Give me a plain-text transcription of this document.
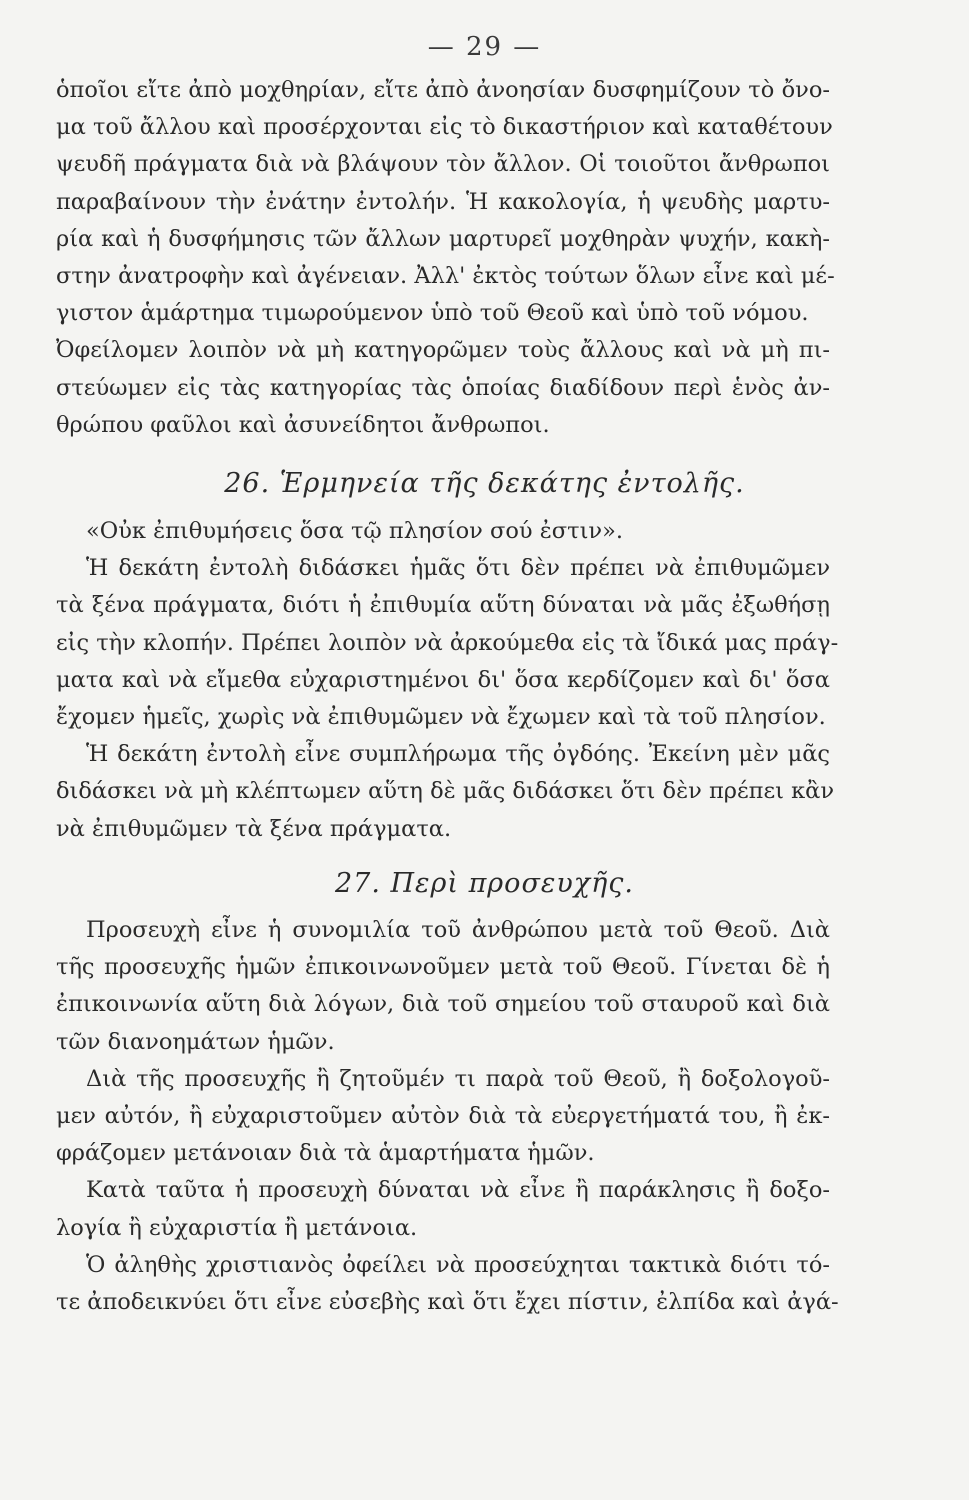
— 29 —
ὁποῖοι εἴτε ἀπὸ μοχθηρίαν, εἴτε ἀπὸ ἀνοησίαν δυσφημίζουν τὸ ὄνο-
μα τοῦ ἄλλου καὶ προσέρχονται εἰς τὸ δικαστήριον καὶ καταθέτουν
ψευδῆ πράγματα διὰ νὰ βλάψουν τὸν ἄλλον. Οἱ τοιοῦτοι ἄνθρωποι
παραβαίνουν τὴν ἐνάτην ἐντολήν. Ἡ κακολογία, ἡ ψευδὴς μαρτυ-
ρία καὶ ἡ δυσφήμησις τῶν ἄλλων μαρτυρεῖ μοχθηρὰν ψυχήν, κακὴ-
στην ἀνατροφὴν καὶ ἀγένειαν. Ἀλλ' ἐκτὸς τούτων ὅλων εἶνε καὶ μέ-
γιστον ἁμάρτημα τιμωρούμενον ὑπὸ τοῦ Θεοῦ καὶ ὑπὸ τοῦ νόμου.
Ὀφείλομεν λοιπὸν νὰ μὴ κατηγορῶμεν τοὺς ἄλλους καὶ νὰ μὴ πι-
στεύωμεν εἰς τὰς κατηγορίας τὰς ὁποίας διαδίδουν περὶ ἑνὸς ἀν-
θρώπου φαῦλοι καὶ ἀσυνείδητοι ἄνθρωποι.
26. Ἑρμηνεία τῆς δεκάτης ἐντολῆς.
«Οὐκ ἐπιθυμήσεις ὅσα τῷ πλησίον σού ἐστιν».
Ἡ δεκάτη ἐντολὴ διδάσκει ἡμᾶς ὅτι δὲν πρέπει νὰ ἐπιθυμῶμεν
τὰ ξένα πράγματα, διότι ἡ ἐπιθυμία αὕτη δύναται νὰ μᾶς ἐξωθήσῃ
εἰς τὴν κλοπήν. Πρέπει λοιπὸν νὰ ἀρκούμεθα εἰς τὰ ἴδικά μας πράγ-
ματα καὶ νὰ εἴμεθα εὐχαριστημένοι δι' ὅσα κερδίζομεν καὶ δι' ὅσα
ἔχομεν ἡμεῖς, χωρὶς νὰ ἐπιθυμῶμεν νὰ ἔχωμεν καὶ τὰ τοῦ πλησίον.
Ἡ δεκάτη ἐντολὴ εἶνε συμπλήρωμα τῆς ὀγδόης. Ἐκείνη μὲν μᾶς
διδάσκει νὰ μὴ κλέπτωμεν αὕτη δὲ μᾶς διδάσκει ὅτι δὲν πρέπει κἂν
νὰ ἐπιθυμῶμεν τὰ ξένα πράγματα.
27. Περὶ προσευχῆς.
Προσευχὴ εἶνε ἡ συνομιλία τοῦ ἀνθρώπου μετὰ τοῦ Θεοῦ. Διὰ
τῆς προσευχῆς ἡμῶν ἐπικοινωνοῦμεν μετὰ τοῦ Θεοῦ. Γίνεται δὲ ἡ
ἐπικοινωνία αὕτη διὰ λόγων, διὰ τοῦ σημείου τοῦ σταυροῦ καὶ διὰ
τῶν διανοημάτων ἡμῶν.
Διὰ τῆς προσευχῆς ἢ ζητοῦμέν τι παρὰ τοῦ Θεοῦ, ἢ δοξολογοῦ-
μεν αὐτόν, ἢ εὐχαριστοῦμεν αὐτὸν διὰ τὰ εὐεργετήματά του, ἢ ἐκ-
φράζομεν μετάνοιαν διὰ τὰ ἁμαρτήματα ἡμῶν.
Κατὰ ταῦτα ἡ προσευχὴ δύναται νὰ εἶνε ἢ παράκλησις ἢ δοξο-
λογία ἢ εὐχαριστία ἢ μετάνοια.
Ὁ ἀληθὴς χριστιανὸς ὀφείλει νὰ προσεύχηται τακτικὰ διότι τό-
τε ἀποδεικνύει ὅτι εἶνε εὐσεβὴς καὶ ὅτι ἔχει πίστιν, ἐλπίδα καὶ ἀγά-
